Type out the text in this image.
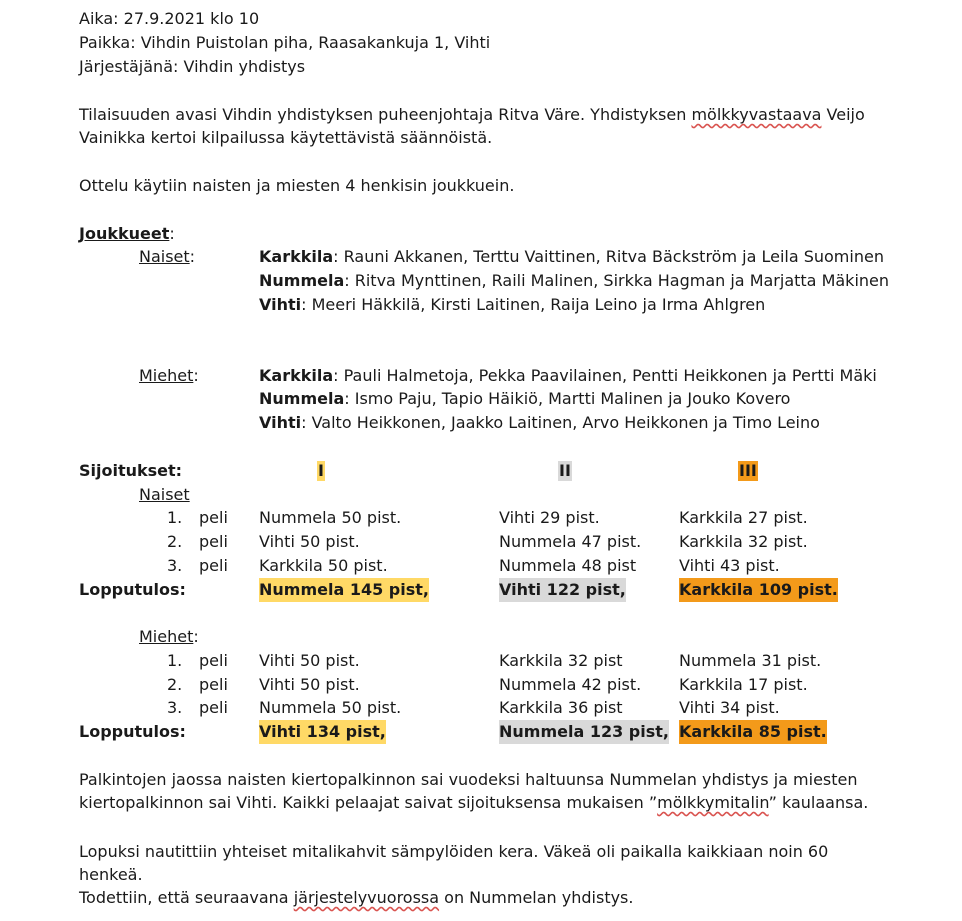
Aika: 27.9.2021 klo 10
Paikka: Vihdin Puistolan piha, Raasakankuja 1, Vihti
Järjestäjänä: Vihdin yhdistys
Tilaisuuden avasi Vihdin yhdistyksen puheenjohtaja Ritva Väre. Yhdistyksen mölkkyvastaava Veijo
Vainikka kertoi kilpailussa käytettävistä säännöistä.
Ottelu käytiin naisten ja miesten 4 henkisin joukkuein.
Joukkueet:
Naiset:	Karkkila: Rauni Akkanen, Terttu Vaittinen, Ritva Bäckström ja Leila Suominen
Nummela: Ritva Mynttinen, Raili Malinen, Sirkka Hagman ja Marjatta Mäkinen
Vihti: Meeri Häkkilä, Kirsti Laitinen, Raija Leino ja Irma Ahlgren
Miehet:	Karkkila: Pauli Halmetoja, Pekka Paavilainen, Pentti Heikkonen ja Pertti Mäki
Nummela: Ismo Paju, Tapio Häikiö, Martti Malinen ja Jouko Kovero
Vihti: Valto Heikkonen, Jaakko Laitinen, Arvo Heikkonen ja Timo Leino
Sijoitukset:	I	II	III
Naiset
1. peli Nummela 50 pist.	Vihti 29 pist.	Karkkila 27 pist.
2. peli Vihti 50 pist.	Nummela 47 pist. Karkkila 32 pist.
3. peli Karkkila 50 pist.	Nummela 48 pist	Vihti 43 pist.
Lopputulos:	Nummela 145 pist,	Vihti 122 pist,	Karkkila 109 pist.
Miehet:
1. peli Vihti 50 pist.	Karkkila 32 pist	Nummela 31 pist.
2. peli Vihti 50 pist.	Nummela 42 pist. Karkkila 17 pist.
3. peli Nummela 50 pist.	Karkkila 36 pist	Vihti 34 pist.
Lopputulos:	Vihti 134 pist,	Nummela 123 pist, Karkkila 85 pist.
Palkintojen jaossa naisten kiertopalkinnon sai vuodeksi haltuunsa Nummelan yhdistys ja miesten
kiertopalkinnon sai Vihti. Kaikki pelaajat saivat sijoituksensa mukaisen ”mölkkymitalin” kaulaansa.
Lopuksi nautittiin yhteiset mitalikahvit sämpylöiden kera. Väkeä oli paikalla kaikkiaan noin 60
henkeä.
Todettiin, että seuraavana järjestelyvuorossa on Nummelan yhdistys.
